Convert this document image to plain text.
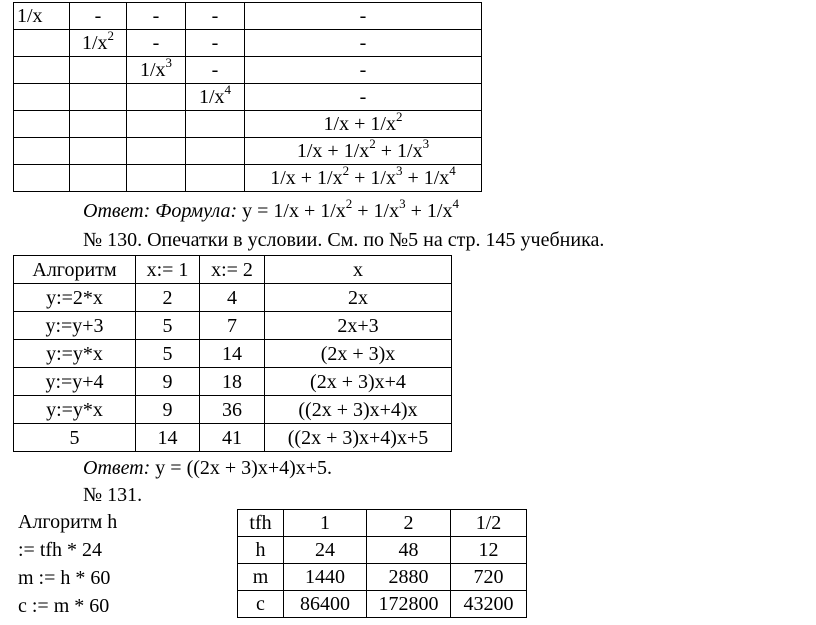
1/x	-	-	-	-
	$1/x^2$	-	-	-
		$1/x^3$	-	-
			$1/x^4$	-
				$1/x + 1/x^2$
				$1/x + 1/x^2 + 1/x^3$
				$1/x + 1/x^2 + 1/x^3 + 1/x^4$
Ответ: Формула: $y = 1/x + 1/x^2 + 1/x^3 + 1/x^4$
№ 130. Опечатки в условии. См. по №5 на стр. 145 учебника.
Алгоритм	x:= 1	x:= 2	x
y:=2*x	2	4	2x
y:=y+3	5	7	2x+3
y:=y*x	5	14	(2x + 3)x
y:=y+4	9	18	(2x + 3)x+4
y:=y*x	9	36	((2x + 3)x+4)x
5	14	41	((2x + 3)x+4)x+5
Ответ: y = ((2x + 3)x+4)x+5.
№ 131.
Алгоритм h
:= tfh * 24
m := h * 60
c := m * 60
tfh	1	2	1/2
h	24	48	12
m	1440	2880	720
c	86400	172800	43200
